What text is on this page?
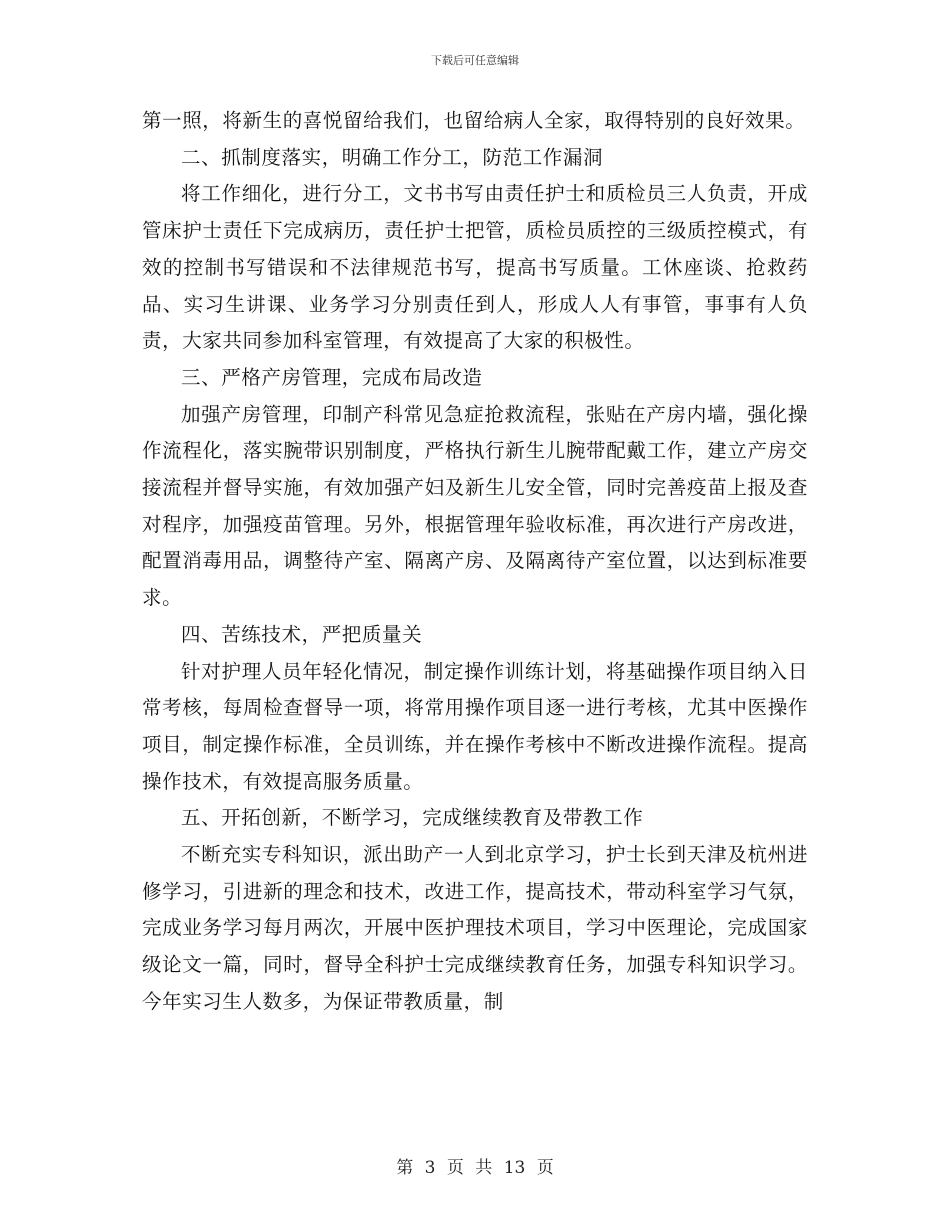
下载后可任意编辑

第一照，将新生的喜悦留给我们，也留给病人全家，取得特别的良好效果。

二、抓制度落实，明确工作分工，防范工作漏洞

将工作细化，进行分工，文书书写由责任护士和质检员三人负责，开成管床护士责任下完成病历，责任护士把管，质检员质控的三级质控模式，有效的控制书写错误和不法律规范书写，提高书写质量。工休座谈、抢救药品、实习生讲课、业务学习分别责任到人，形成人人有事管，事事有人负责，大家共同参加科室管理，有效提高了大家的积极性。

三、严格产房管理，完成布局改造

加强产房管理，印制产科常见急症抢救流程，张贴在产房内墙，强化操作流程化，落实腕带识别制度，严格执行新生儿腕带配戴工作，建立产房交接流程并督导实施，有效加强产妇及新生儿安全管，同时完善疫苗上报及查对程序，加强疫苗管理。另外，根据管理年验收标准，再次进行产房改进，配置消毒用品，调整待产室、隔离产房、及隔离待产室位置，以达到标准要求。

四、苦练技术，严把质量关

针对护理人员年轻化情况，制定操作训练计划，将基础操作项目纳入日常考核，每周检查督导一项，将常用操作项目逐一进行考核，尤其中医操作项目，制定操作标准，全员训练，并在操作考核中不断改进操作流程。提高操作技术，有效提高服务质量。

五、开拓创新，不断学习，完成继续教育及带教工作

不断充实专科知识，派出助产一人到北京学习，护士长到天津及杭州进修学习，引进新的理念和技术，改进工作，提高技术，带动科室学习气氛，完成业务学习每月两次，开展中医护理技术项目，学习中医理论，完成国家级论文一篇，同时，督导全科护士完成继续教育任务，加强专科知识学习。今年实习生人数多，为保证带教质量，制

第 3 页 共 13 页
